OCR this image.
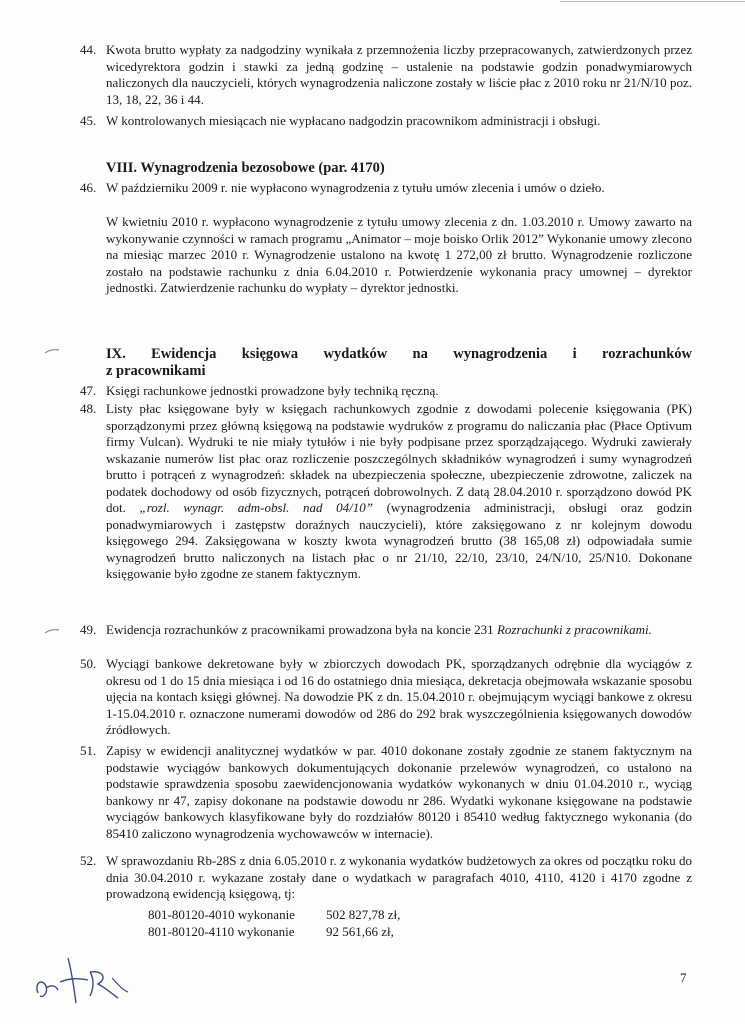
44. Kwota brutto wypłaty za nadgodziny wynikała z przemnożenia liczby przepracowanych, zatwierdzonych przez wicedyrektora godzin i stawki za jedną godzinę – ustalenie na podstawie godzin ponadwymiarowych naliczonych dla nauczycieli, których wynagrodzenia naliczone zostały w liście płac z 2010 roku nr 21/N/10 poz. 13, 18, 22, 36 i 44.
45. W kontrolowanych miesiącach nie wypłacano nadgodzin pracownikom administracji i obsługi.
VIII. Wynagrodzenia bezosobowe (par. 4170)
46. W październiku 2009 r. nie wypłacono wynagrodzenia z tytułu umów zlecenia i umów o dzieło.
W kwietniu 2010 r. wypłacono wynagrodzenie z tytułu umowy zlecenia z dn. 1.03.2010 r. Umowy zawarto na wykonywanie czynności w ramach programu „Animator – moje boisko Orlik 2012” Wykonanie umowy zlecono na miesiąc marzec 2010 r. Wynagrodzenie ustalono na kwotę 1 272,00 zł brutto. Wynagrodzenie rozliczone zostało na podstawie rachunku z dnia 6.04.2010 r. Potwierdzenie wykonania pracy umownej – dyrektor jednostki. Zatwierdzenie rachunku do wypłaty – dyrektor jednostki.
IX. Ewidencja księgowa wydatków na wynagrodzenia i rozrachunków
z pracownikami
47. Księgi rachunkowe jednostki prowadzone były techniką ręczną.
48. Listy płac księgowane były w księgach rachunkowych zgodnie z dowodami polecenie księgowania (PK) sporządzonymi przez główną księgową na podstawie wydruków z programu do naliczania płac (Płace Optivum firmy Vulcan). Wydruki te nie miały tytułów i nie były podpisane przez sporządzającego. Wydruki zawierały wskazanie numerów list płac oraz rozliczenie poszczególnych składników wynagrodzeń i sumy wynagrodzeń brutto i potrąceń z wynagrodzeń: składek na ubezpieczenia społeczne, ubezpieczenie zdrowotne, zaliczek na podatek dochodowy od osób fizycznych, potrąceń dobrowolnych. Z datą 28.04.2010 r. sporządzono dowód PK dot. „rozl. wynagr. adm-obsl. nad 04/10” (wynagrodzenia administracji, obsługi oraz godzin ponadwymiarowych i zastępstw doraźnych nauczycieli), które zaksięgowano z nr kolejnym dowodu księgowego 294. Zaksięgowana w koszty kwota wynagrodzeń brutto (38 165,08 zł) odpowiadała sumie wynagrodzeń brutto naliczonych na listach płac o nr 21/10, 22/10, 23/10, 24/N/10, 25/N10. Dokonane księgowanie było zgodne ze stanem faktycznym.
49. Ewidencja rozrachunków z pracownikami prowadzona była na koncie 231 Rozrachunki z pracownikami.
50. Wyciągi bankowe dekretowane były w zbiorczych dowodach PK, sporządzanych odrębnie dla wyciągów z okresu od 1 do 15 dnia miesiąca i od 16 do ostatniego dnia miesiąca, dekretacja obejmowała wskazanie sposobu ujęcia na kontach księgi głównej. Na dowodzie PK z dn. 15.04.2010 r. obejmującym wyciągi bankowe z okresu 1-15.04.2010 r. oznaczone numerami dowodów od 286 do 292 brak wyszczególnienia księgowanych dowodów źródłowych.
51. Zapisy w ewidencji analitycznej wydatków w par. 4010 dokonane zostały zgodnie ze stanem faktycznym na podstawie wyciągów bankowych dokumentujących dokonanie przelewów wynagrodzeń, co ustalono na podstawie sprawdzenia sposobu zaewidencjonowania wydatków wykonanych w dniu 01.04.2010 r., wyciąg bankowy nr 47, zapisy dokonane na podstawie dowodu nr 286. Wydatki wykonane księgowane na podstawie wyciągów bankowych klasyfikowane były do rozdziałów 80120 i 85410 według faktycznego wykonania (do 85410 zaliczono wynagrodzenia wychowawców w internacie).
52. W sprawozdaniu Rb-28S z dnia 6.05.2010 r. z wykonania wydatków budżetowych za okres od początku roku do dnia 30.04.2010 r. wykazane zostały dane o wydatkach w paragrafach 4010, 4110, 4120 i 4170 zgodne z prowadzoną ewidencją księgową, tj:
801-80120-4010 wykonanie	502 827,78 zł,
801-80120-4110 wykonanie	92 561,66 zł,
7
